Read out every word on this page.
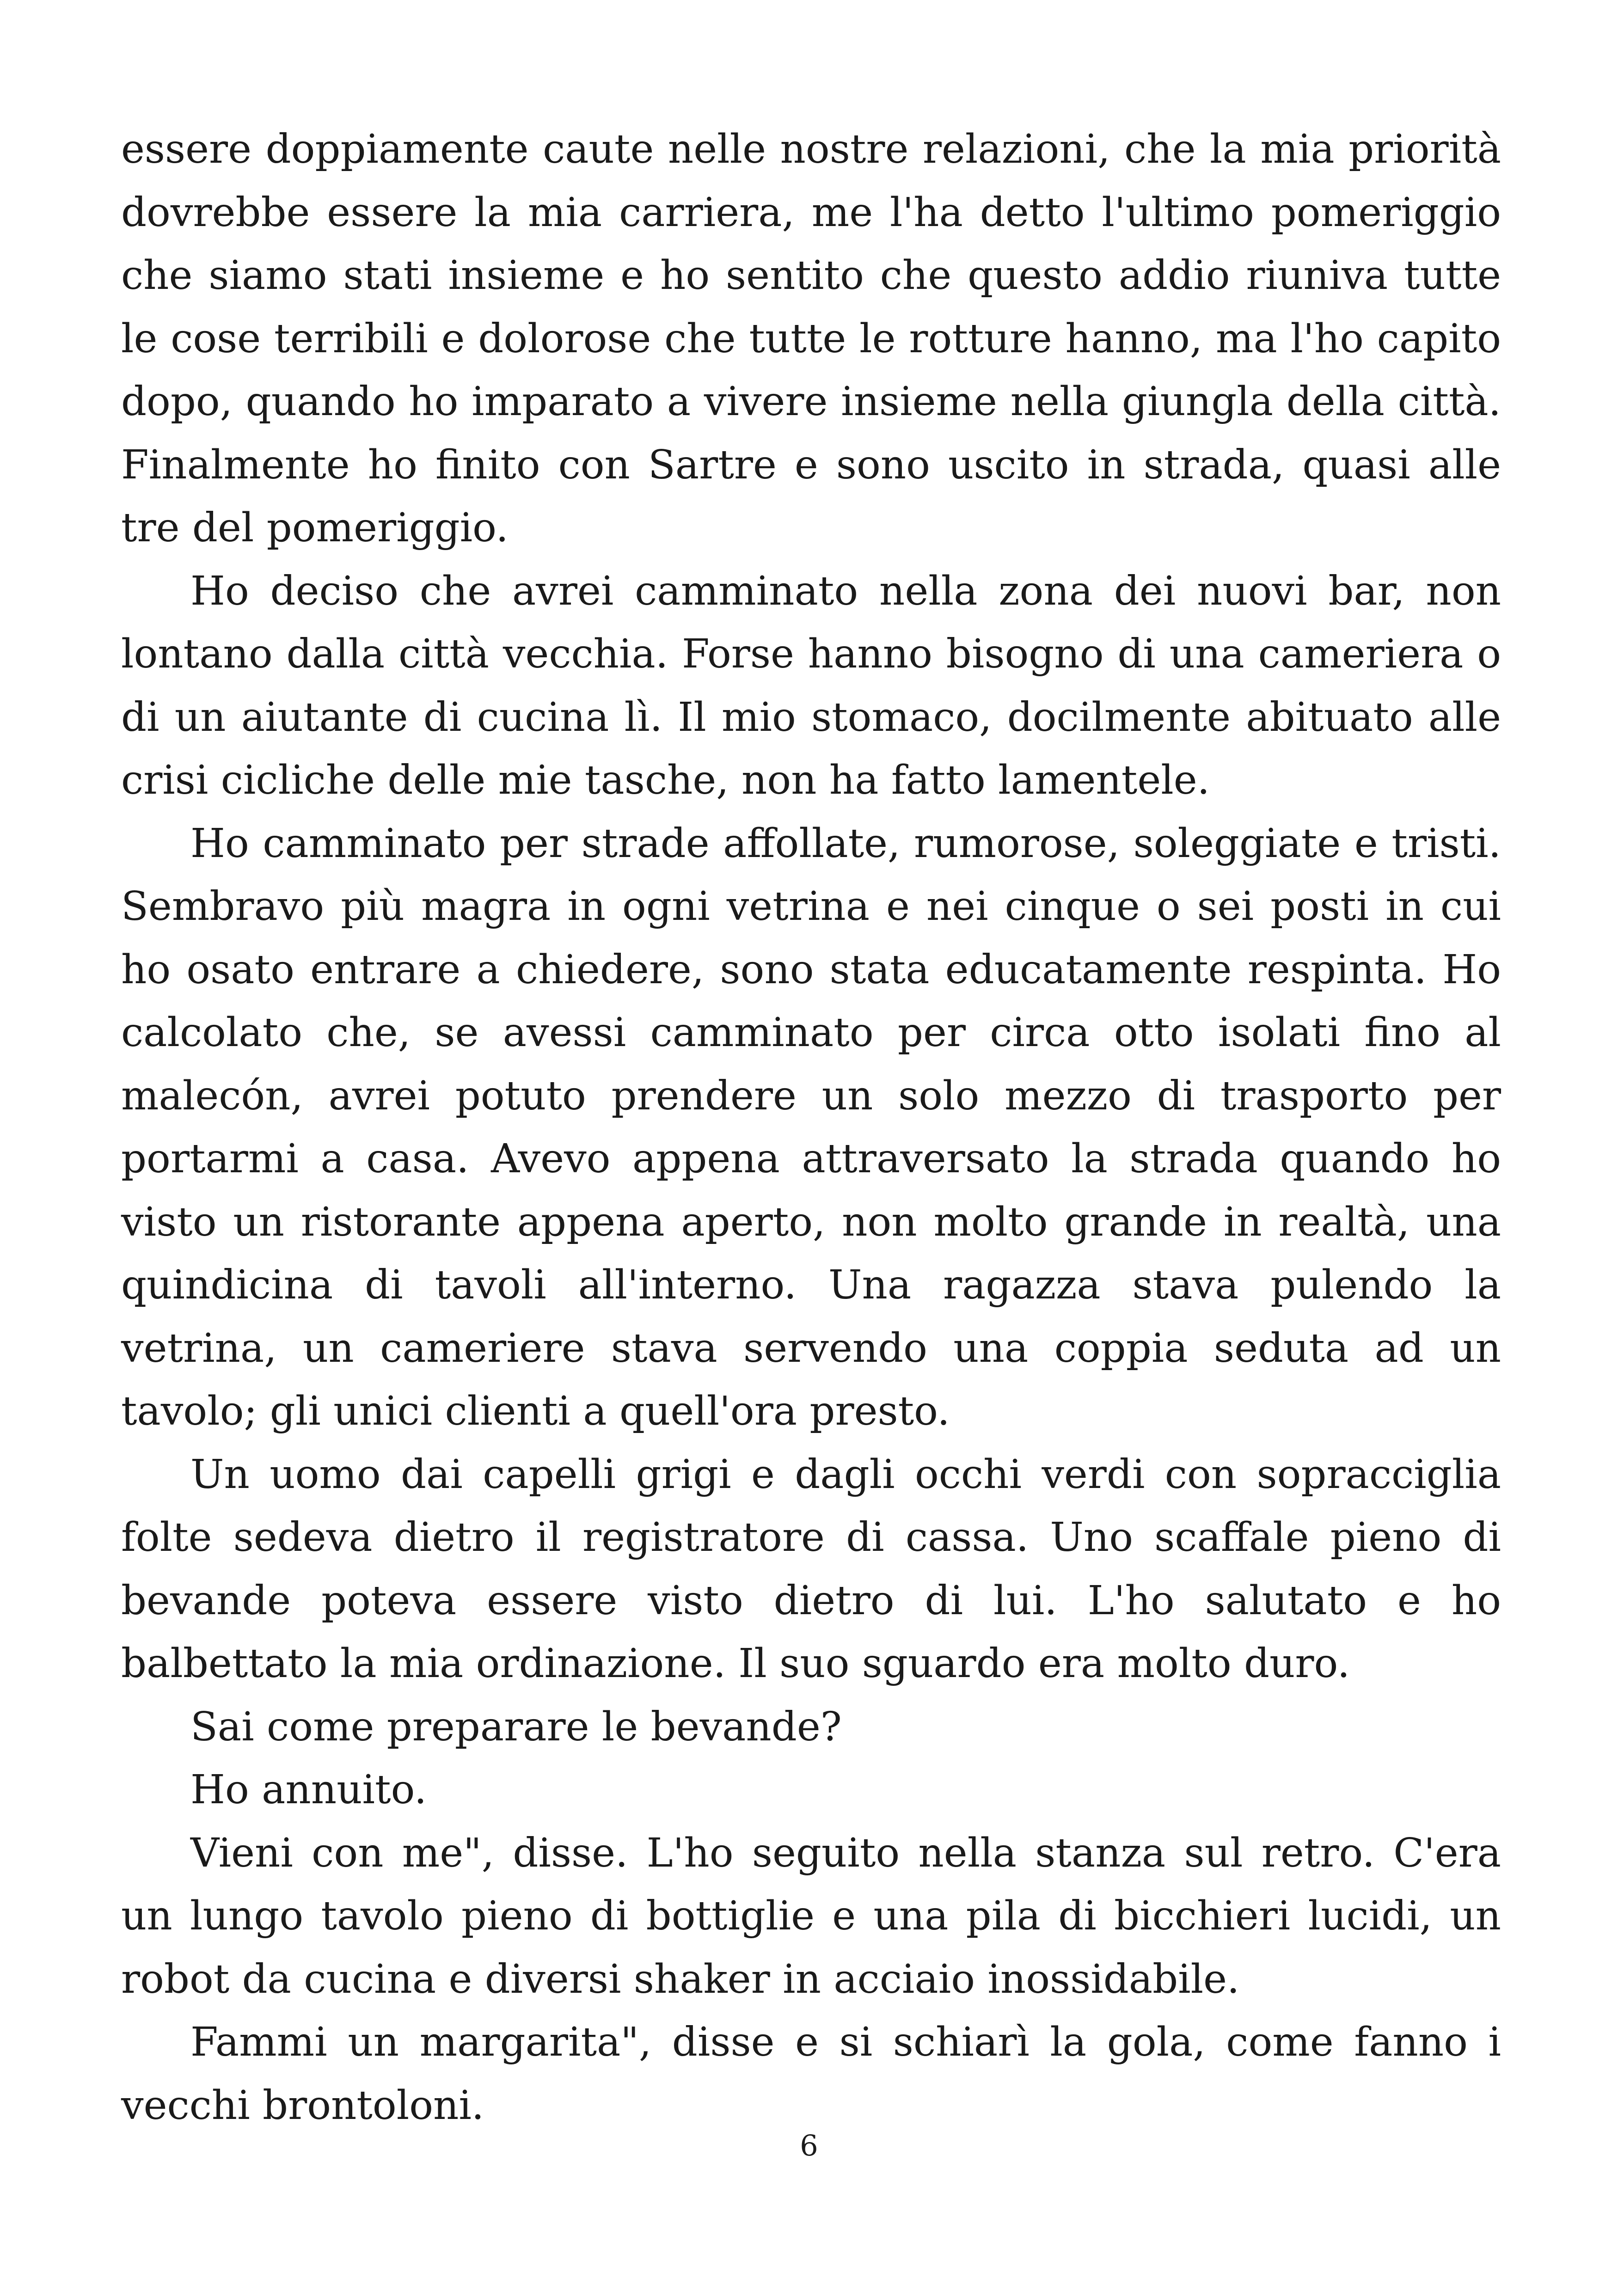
essere doppiamente caute nelle nostre relazioni, che la mia priorità dovrebbe essere la mia carriera, me l'ha detto l'ultimo pomeriggio che siamo stati insieme e ho sentito che questo addio riuniva tutte le cose terribili e dolorose che tutte le rotture hanno, ma l'ho capito dopo, quando ho imparato a vivere insieme nella giungla della città. Finalmente ho finito con Sartre e sono uscito in strada, quasi alle tre del pomeriggio.

Ho deciso che avrei camminato nella zona dei nuovi bar, non lontano dalla città vecchia. Forse hanno bisogno di una cameriera o di un aiutante di cucina lì. Il mio stomaco, docilmente abituato alle crisi cicliche delle mie tasche, non ha fatto lamentele.

Ho camminato per strade affollate, rumorose, soleggiate e tristi. Sembravo più magra in ogni vetrina e nei cinque o sei posti in cui ho osato entrare a chiedere, sono stata educatamente respinta. Ho calcolato che, se avessi camminato per circa otto isolati fino al malecón, avrei potuto prendere un solo mezzo di trasporto per portarmi a casa. Avevo appena attraversato la strada quando ho visto un ristorante appena aperto, non molto grande in realtà, una quindicina di tavoli all'interno. Una ragazza stava pulendo la vetrina, un cameriere stava servendo una coppia seduta ad un tavolo; gli unici clienti a quell'ora presto.

Un uomo dai capelli grigi e dagli occhi verdi con sopracciglia folte sedeva dietro il registratore di cassa. Uno scaffale pieno di bevande poteva essere visto dietro di lui. L'ho salutato e ho balbettato la mia ordinazione. Il suo sguardo era molto duro.

Sai come preparare le bevande?

Ho annuito.

Vieni con me", disse. L'ho seguito nella stanza sul retro. C'era un lungo tavolo pieno di bottiglie e una pila di bicchieri lucidi, un robot da cucina e diversi shaker in acciaio inossidabile.

Fammi un margarita", disse e si schiarì la gola, come fanno i vecchi brontoloni.

6
